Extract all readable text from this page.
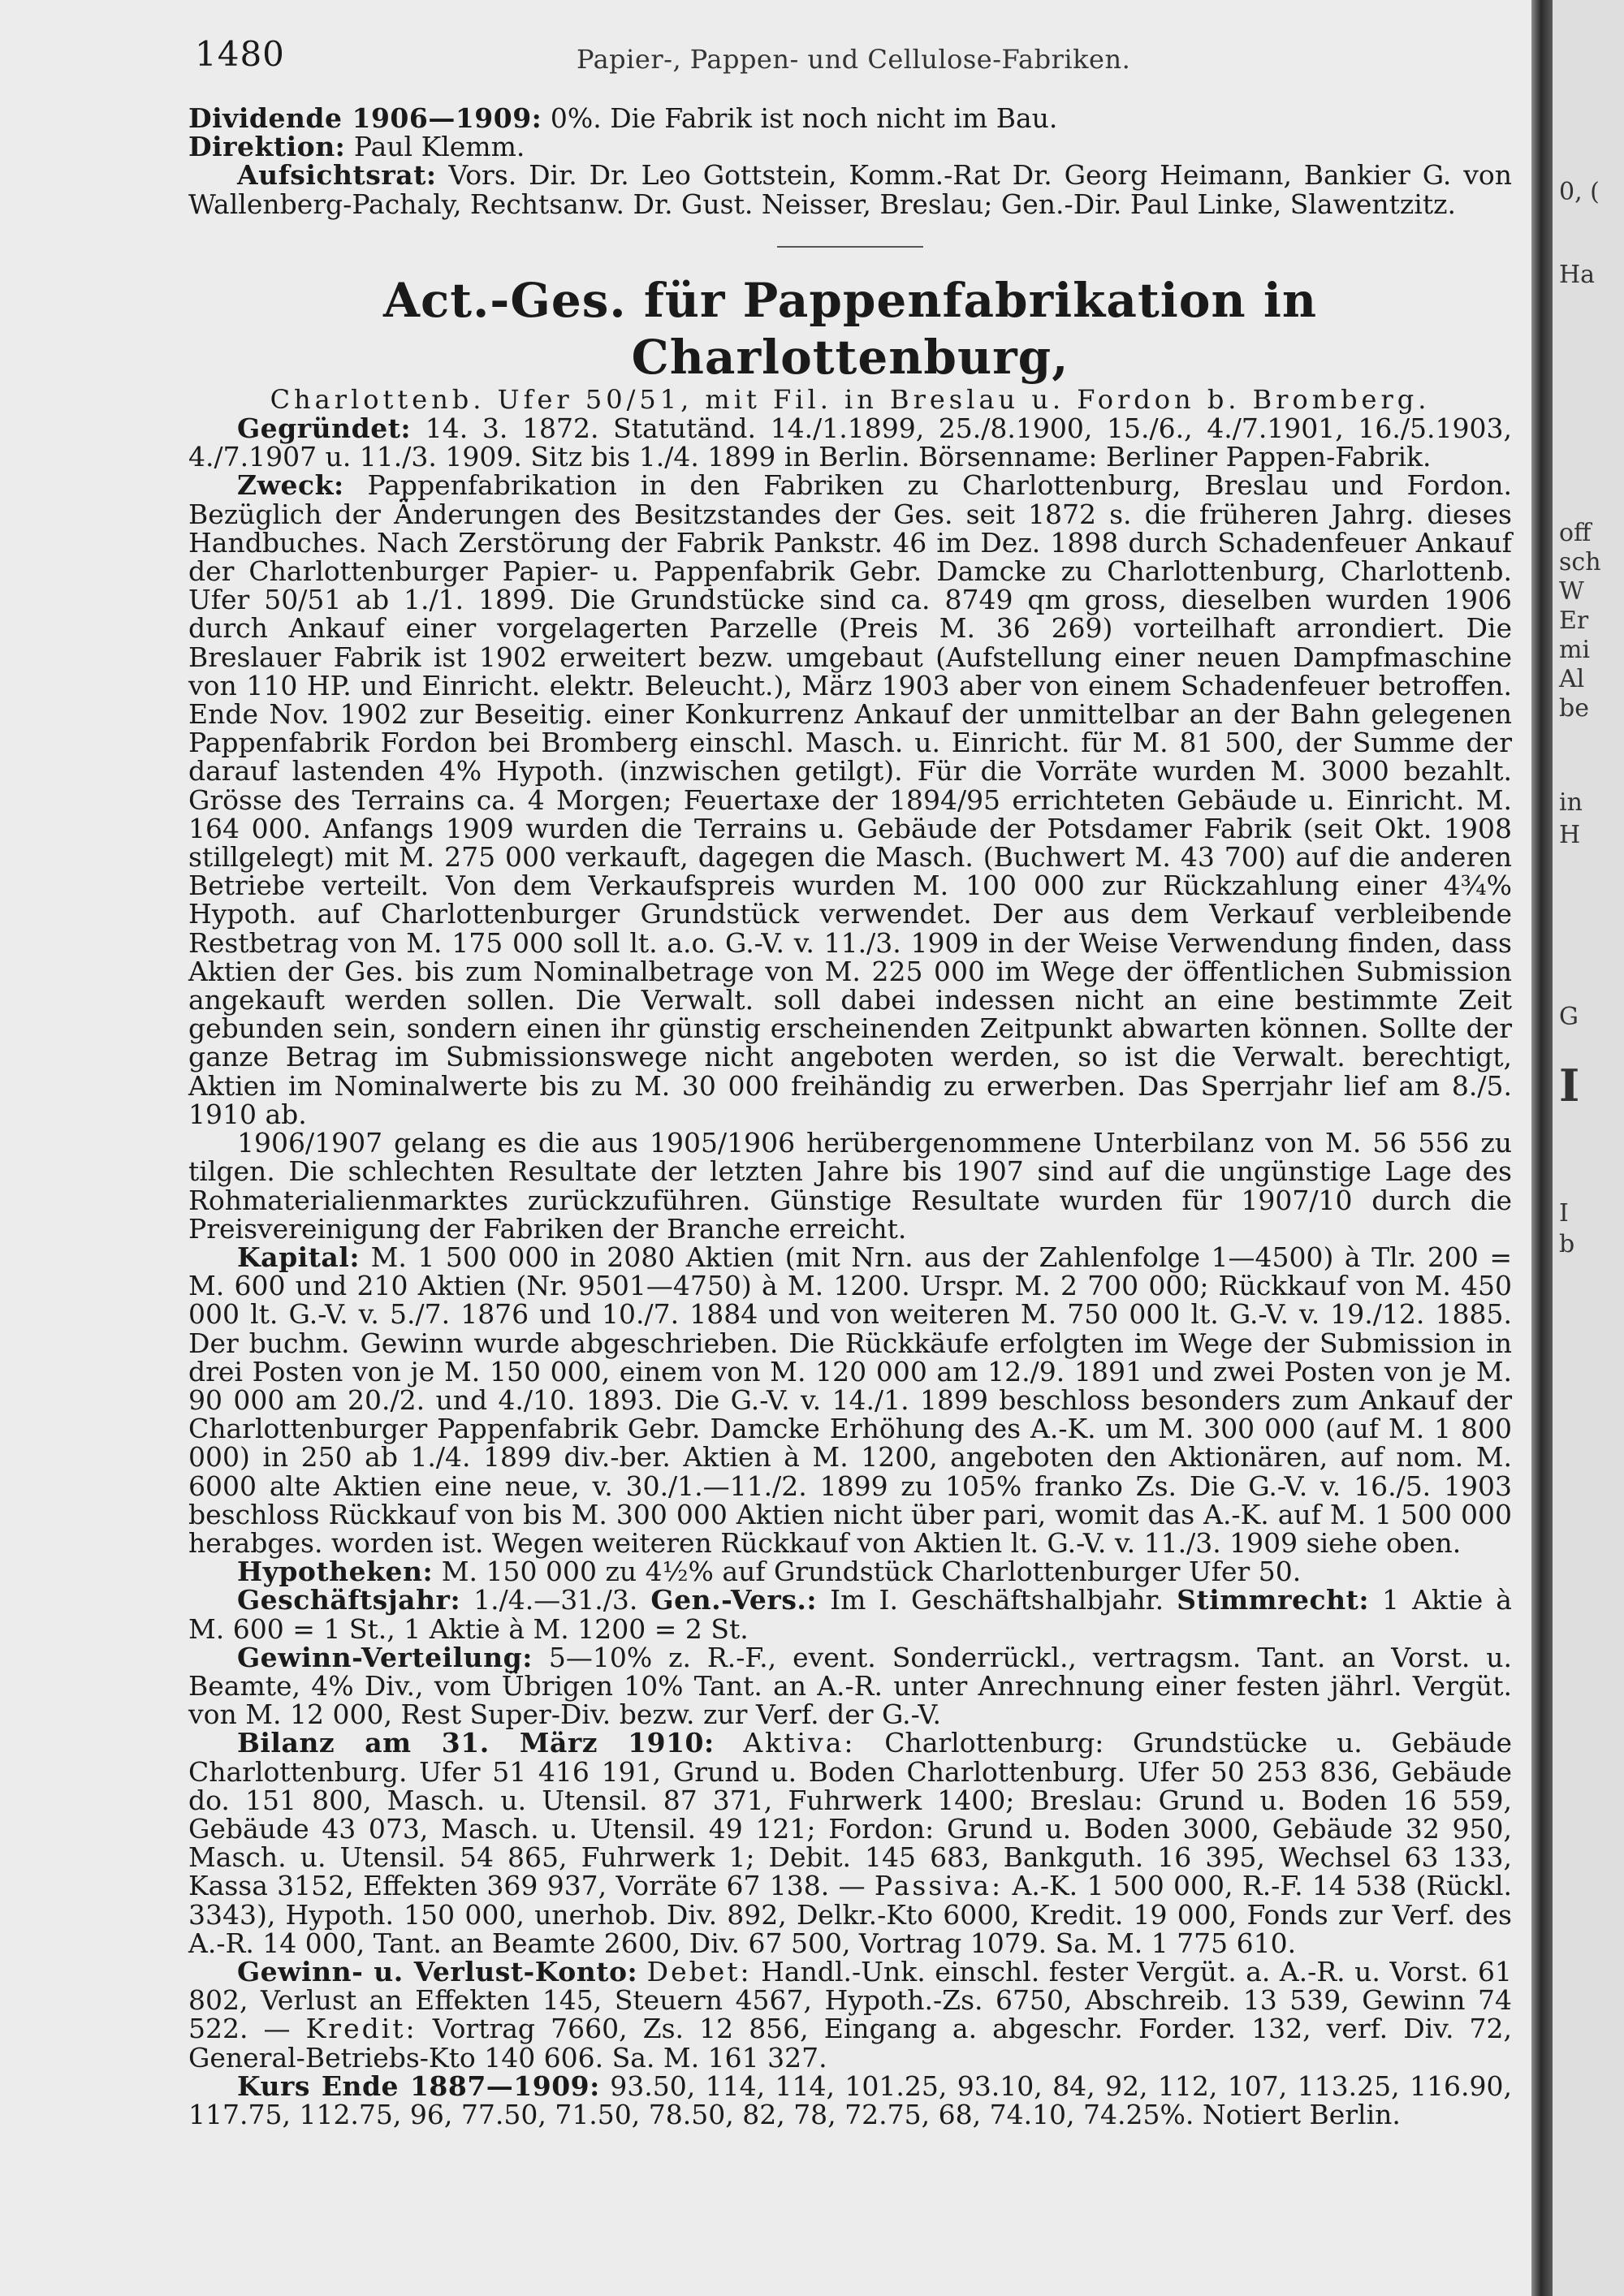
1480	Papier-, Pappen- und Cellulose-Fabriken.

Dividende 1906—1909: 0%. Die Fabrik ist noch nicht im Bau.

Direktion: Paul Klemm.

Aufsichtsrat: Vors. Dir. Dr. Leo Gottstein, Komm.-Rat Dr. Georg Heimann, Bankier G. von Wallenberg-Pachaly, Rechtsanw. Dr. Gust. Neisser, Breslau; Gen.-Dir. Paul Linke, Slawentzitz.

Act.-Ges. für Pappenfabrikation in Charlottenburg,

Charlottenb. Ufer 50/51, mit Fil. in Breslau u. Fordon b. Bromberg.

Gegründet: 14. 3. 1872. Statutänd. 14./1.1899, 25./8.1900, 15./6., 4./7.1901, 16./5.1903, 4./7.1907 u. 11./3. 1909. Sitz bis 1./4. 1899 in Berlin. Börsenname: Berliner Pappen-Fabrik.

Zweck: Pappenfabrikation in den Fabriken zu Charlottenburg, Breslau und Fordon. Bezüglich der Änderungen des Besitzstandes der Ges. seit 1872 s. die früheren Jahrg. dieses Handbuches. Nach Zerstörung der Fabrik Pankstr. 46 im Dez. 1898 durch Schadenfeuer Ankauf der Charlottenburger Papier- u. Pappenfabrik Gebr. Damcke zu Charlottenburg, Charlottenb. Ufer 50/51 ab 1./1. 1899. Die Grundstücke sind ca. 8749 qm gross, dieselben wurden 1906 durch Ankauf einer vorgelagerten Parzelle (Preis M. 36 269) vorteilhaft arrondiert. Die Breslauer Fabrik ist 1902 erweitert bezw. umgebaut (Aufstellung einer neuen Dampfmaschine von 110 HP. und Einricht. elektr. Beleucht.), März 1903 aber von einem Schadenfeuer betroffen. Ende Nov. 1902 zur Beseitig. einer Konkurrenz Ankauf der unmittelbar an der Bahn gelegenen Pappenfabrik Fordon bei Bromberg einschl. Masch. u. Einricht. für M. 81 500, der Summe der darauf lastenden 4% Hypoth. (inzwischen getilgt). Für die Vorräte wurden M. 3000 bezahlt. Grösse des Terrains ca. 4 Morgen; Feuertaxe der 1894/95 errichteten Gebäude u. Einricht. M. 164 000. Anfangs 1909 wurden die Terrains u. Gebäude der Potsdamer Fabrik (seit Okt. 1908 stillgelegt) mit M. 275 000 verkauft, dagegen die Masch. (Buchwert M. 43 700) auf die anderen Betriebe verteilt. Von dem Verkaufspreis wurden M. 100 000 zur Rückzahlung einer 4¾% Hypoth. auf Charlottenburger Grundstück verwendet. Der aus dem Verkauf verbleibende Restbetrag von M. 175 000 soll lt. a.o. G.-V. v. 11./3. 1909 in der Weise Verwendung finden, dass Aktien der Ges. bis zum Nominalbetrage von M. 225 000 im Wege der öffentlichen Submission angekauft werden sollen. Die Verwalt. soll dabei indessen nicht an eine bestimmte Zeit gebunden sein, sondern einen ihr günstig erscheinenden Zeitpunkt abwarten können. Sollte der ganze Betrag im Submissionswege nicht angeboten werden, so ist die Verwalt. berechtigt, Aktien im Nominalwerte bis zu M. 30 000 freihändig zu erwerben. Das Sperrjahr lief am 8./5. 1910 ab.

1906/1907 gelang es die aus 1905/1906 herübergenommene Unterbilanz von M. 56 556 zu tilgen. Die schlechten Resultate der letzten Jahre bis 1907 sind auf die ungünstige Lage des Rohmaterialienmarktes zurückzuführen. Günstige Resultate wurden für 1907/10 durch die Preisvereinigung der Fabriken der Branche erreicht.

Kapital: M. 1 500 000 in 2080 Aktien (mit Nrn. aus der Zahlenfolge 1—4500) à Tlr. 200 = M. 600 und 210 Aktien (Nr. 9501—4750) à M. 1200. Urspr. M. 2 700 000; Rückkauf von M. 450 000 lt. G.-V. v. 5./7. 1876 und 10./7. 1884 und von weiteren M. 750 000 lt. G.-V. v. 19./12. 1885. Der buchm. Gewinn wurde abgeschrieben. Die Rückkäufe erfolgten im Wege der Submission in drei Posten von je M. 150 000, einem von M. 120 000 am 12./9. 1891 und zwei Posten von je M. 90 000 am 20./2. und 4./10. 1893. Die G.-V. v. 14./1. 1899 beschloss besonders zum Ankauf der Charlottenburger Pappenfabrik Gebr. Damcke Erhöhung des A.-K. um M. 300 000 (auf M. 1 800 000) in 250 ab 1./4. 1899 div.-ber. Aktien à M. 1200, angeboten den Aktionären, auf nom. M. 6000 alte Aktien eine neue, v. 30./1.—11./2. 1899 zu 105% franko Zs. Die G.-V. v. 16./5. 1903 beschloss Rückkauf von bis M. 300 000 Aktien nicht über pari, womit das A.-K. auf M. 1 500 000 herabges. worden ist. Wegen weiteren Rückkauf von Aktien lt. G.-V. v. 11./3. 1909 siehe oben.

Hypotheken: M. 150 000 zu 4½% auf Grundstück Charlottenburger Ufer 50.

Geschäftsjahr: 1./4.—31./3. Gen.-Vers.: Im I. Geschäftshalbjahr. Stimmrecht: 1 Aktie à M. 600 = 1 St., 1 Aktie à M. 1200 = 2 St.

Gewinn-Verteilung: 5—10% z. R.-F., event. Sonderrückl., vertragsm. Tant. an Vorst. u. Beamte, 4% Div., vom Übrigen 10% Tant. an A.-R. unter Anrechnung einer festen jährl. Vergüt. von M. 12 000, Rest Super-Div. bezw. zur Verf. der G.-V.

Bilanz am 31. März 1910: Aktiva: Charlottenburg: Grundstücke u. Gebäude Charlottenburg. Ufer 51 416 191, Grund u. Boden Charlottenburg. Ufer 50 253 836, Gebäude do. 151 800, Masch. u. Utensil. 87 371, Fuhrwerk 1400; Breslau: Grund u. Boden 16 559, Gebäude 43 073, Masch. u. Utensil. 49 121; Fordon: Grund u. Boden 3000, Gebäude 32 950, Masch. u. Utensil. 54 865, Fuhrwerk 1; Debit. 145 683, Bankguth. 16 395, Wechsel 63 133, Kassa 3152, Effekten 369 937, Vorräte 67 138. — Passiva: A.-K. 1 500 000, R.-F. 14 538 (Rückl. 3343), Hypoth. 150 000, unerhob. Div. 892, Delkr.-Kto 6000, Kredit. 19 000, Fonds zur Verf. des A.-R. 14 000, Tant. an Beamte 2600, Div. 67 500, Vortrag 1079. Sa. M. 1 775 610.

Gewinn- u. Verlust-Konto: Debet: Handl.-Unk. einschl. fester Vergüt. a. A.-R. u. Vorst. 61 802, Verlust an Effekten 145, Steuern 4567, Hypoth.-Zs. 6750, Abschreib. 13 539, Gewinn 74 522. — Kredit: Vortrag 7660, Zs. 12 856, Eingang a. abgeschr. Forder. 132, verf. Div. 72, General-Betriebs-Kto 140 606. Sa. M. 161 327.

Kurs Ende 1887—1909: 93.50, 114, 114, 101.25, 93.10, 84, 92, 112, 107, 113.25, 116.90, 117.75, 112.75, 96, 77.50, 71.50, 78.50, 82, 78, 72.75, 68, 74.10, 74.25%. Notiert Berlin.

0, (
Ha
off
sch
W
Er
mi
Al
be
in
H
G
I
I
b
